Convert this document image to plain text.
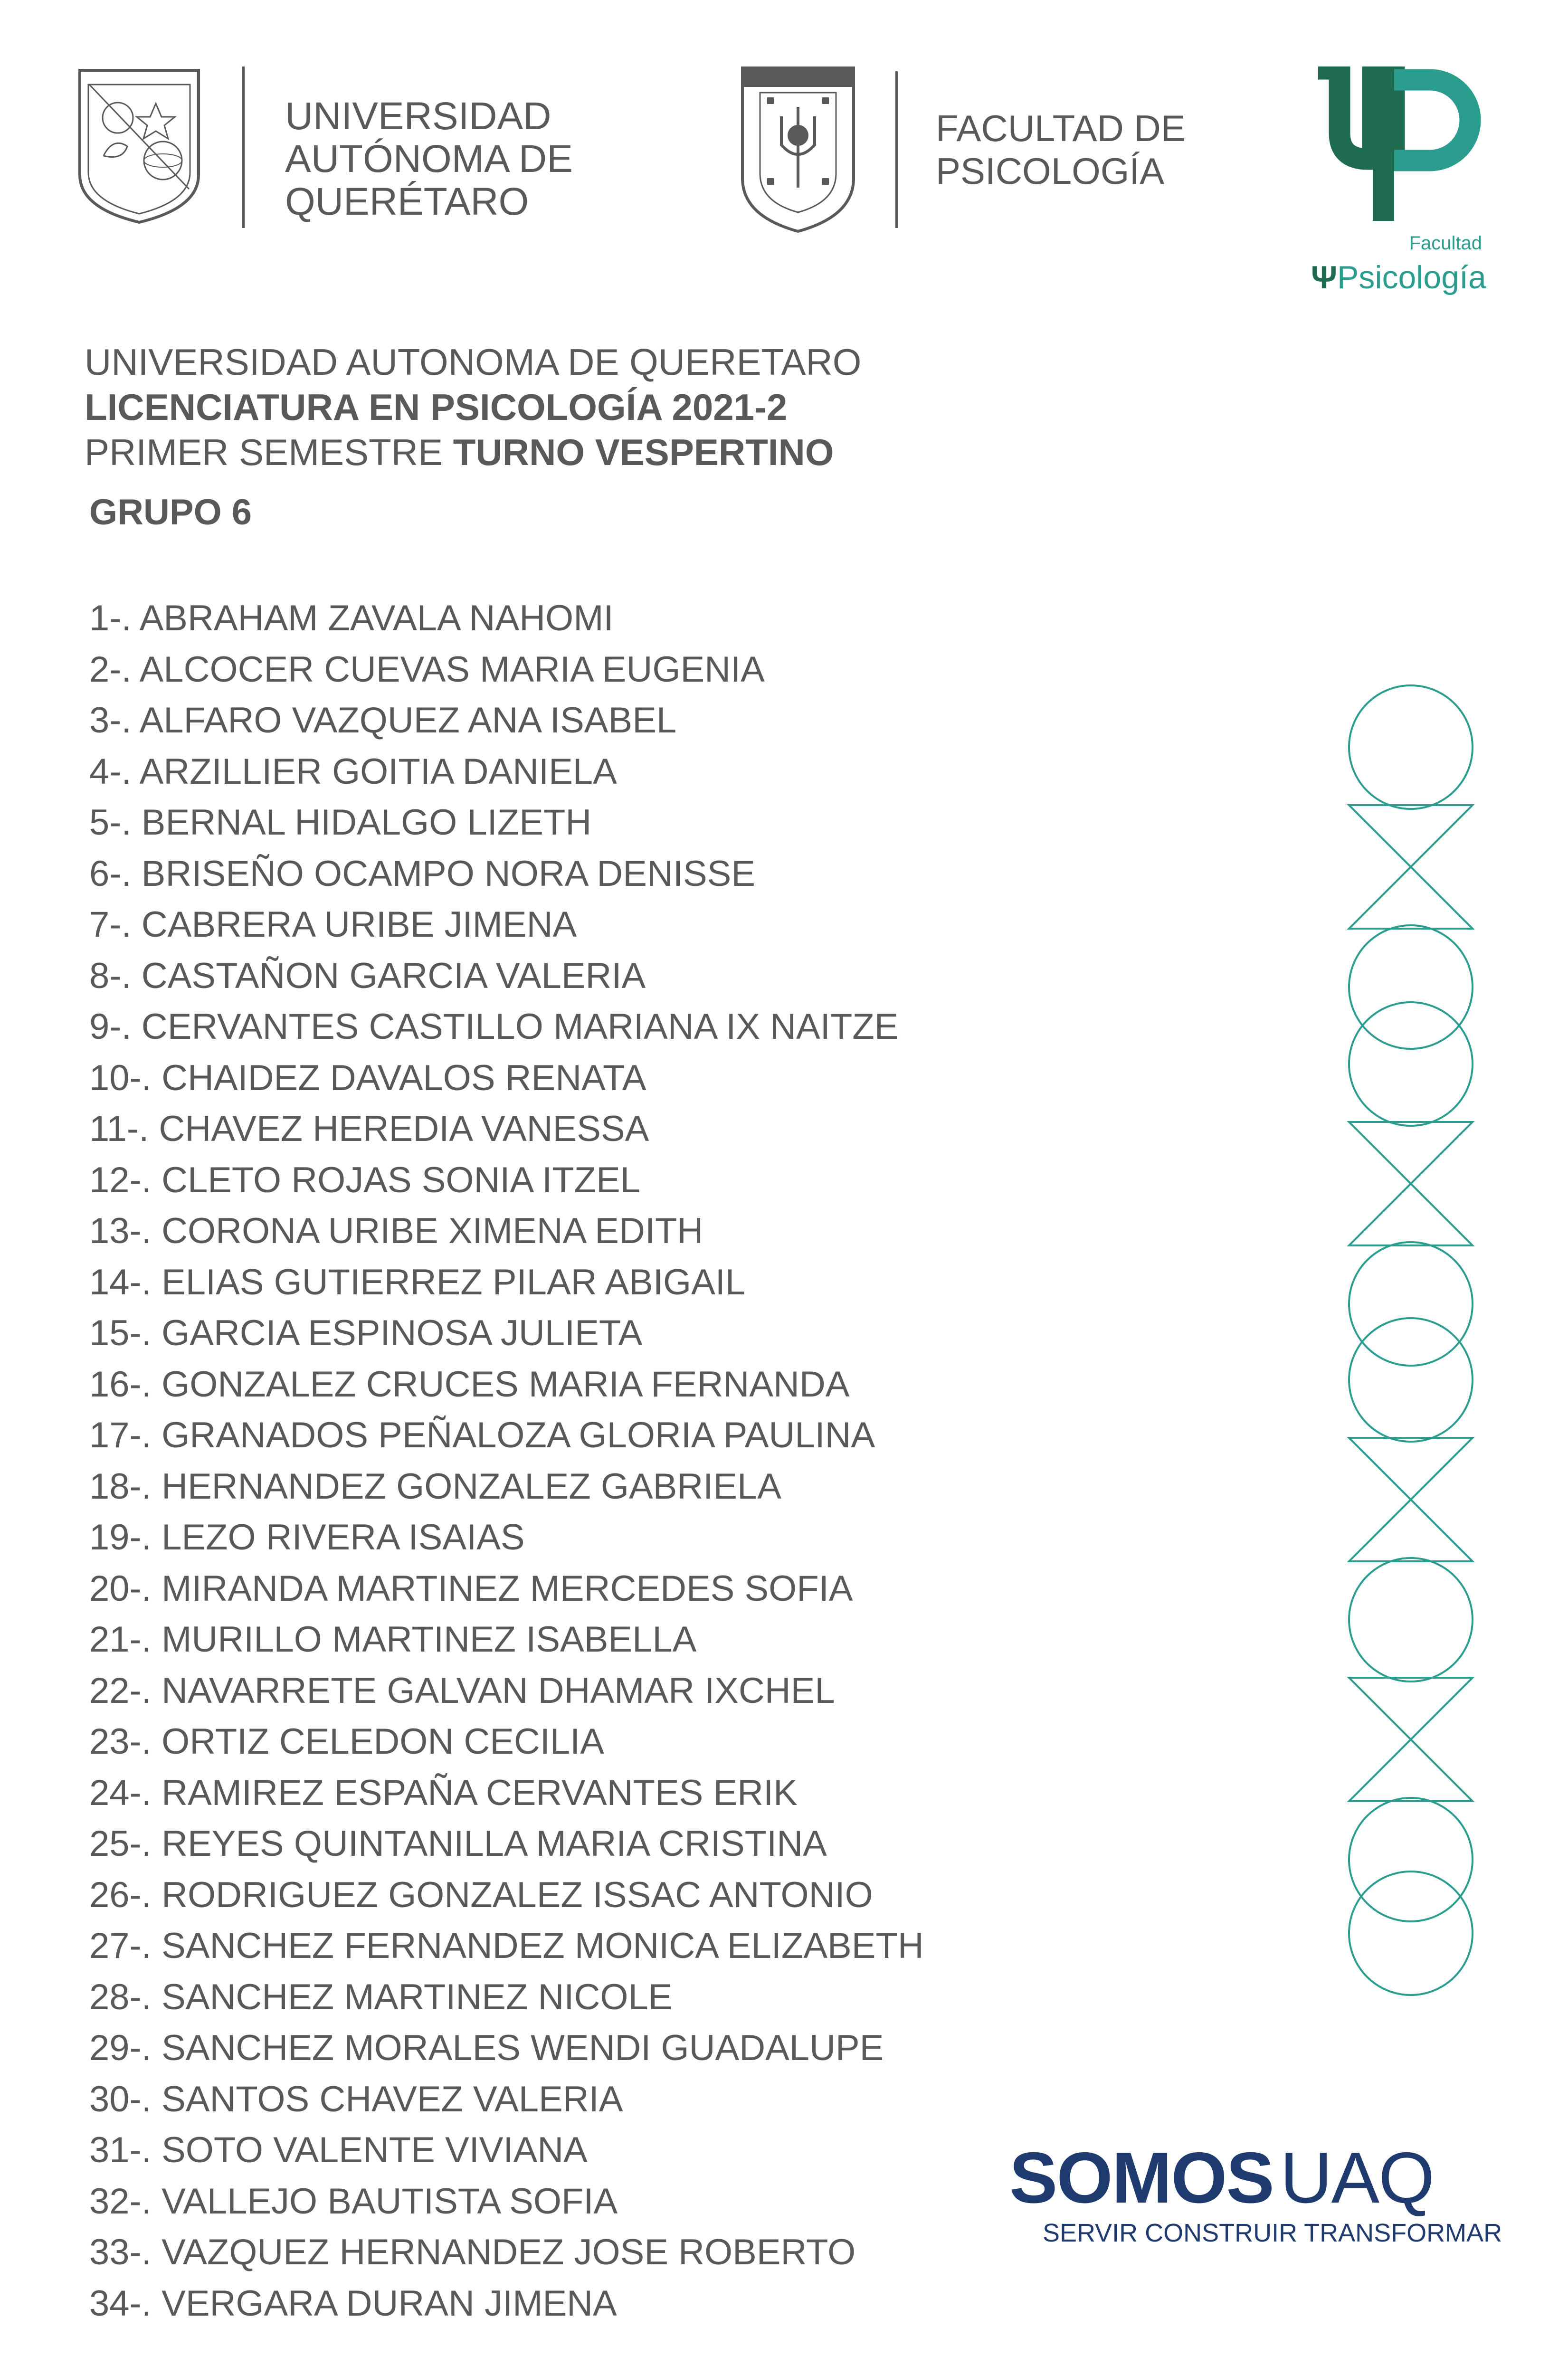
UNIVERSIDAD
AUTÓNOMA DE
QUERÉTARO
FACULTAD DE
PSICOLOGÍA
Facultad
ΨPsicología
UNIVERSIDAD AUTONOMA DE QUERETARO
LICENCIATURA EN PSICOLOGÍA 2021-2
PRIMER SEMESTRE TURNO VESPERTINO
GRUPO 6
1-. ABRAHAM ZAVALA NAHOMI
2-. ALCOCER CUEVAS MARIA EUGENIA
3-. ALFARO VAZQUEZ ANA ISABEL
4-. ARZILLIER GOITIA DANIELA
5-. BERNAL HIDALGO LIZETH
6-. BRISEÑO OCAMPO NORA DENISSE
7-. CABRERA URIBE JIMENA
8-. CASTAÑON GARCIA VALERIA
9-. CERVANTES CASTILLO MARIANA IX NAITZE
10-. CHAIDEZ DAVALOS RENATA
11-. CHAVEZ HEREDIA VANESSA
12-. CLETO ROJAS SONIA ITZEL
13-. CORONA URIBE XIMENA EDITH
14-. ELIAS GUTIERREZ PILAR ABIGAIL
15-. GARCIA ESPINOSA JULIETA
16-. GONZALEZ CRUCES MARIA FERNANDA
17-. GRANADOS PEÑALOZA GLORIA PAULINA
18-. HERNANDEZ GONZALEZ GABRIELA
19-. LEZO RIVERA ISAIAS
20-. MIRANDA MARTINEZ MERCEDES SOFIA
21-. MURILLO MARTINEZ ISABELLA
22-. NAVARRETE GALVAN DHAMAR IXCHEL
23-. ORTIZ CELEDON CECILIA
24-. RAMIREZ ESPAÑA CERVANTES ERIK
25-. REYES QUINTANILLA MARIA CRISTINA
26-. RODRIGUEZ GONZALEZ ISSAC ANTONIO
27-. SANCHEZ FERNANDEZ MONICA ELIZABETH
28-. SANCHEZ MARTINEZ NICOLE
29-. SANCHEZ MORALES WENDI GUADALUPE
30-. SANTOS CHAVEZ VALERIA
31-. SOTO VALENTE VIVIANA
32-. VALLEJO BAUTISTA SOFIA
33-. VAZQUEZ HERNANDEZ JOSE ROBERTO
34-. VERGARA DURAN JIMENA
SOMOSUAQ
SERVIR CONSTRUIR TRANSFORMAR
